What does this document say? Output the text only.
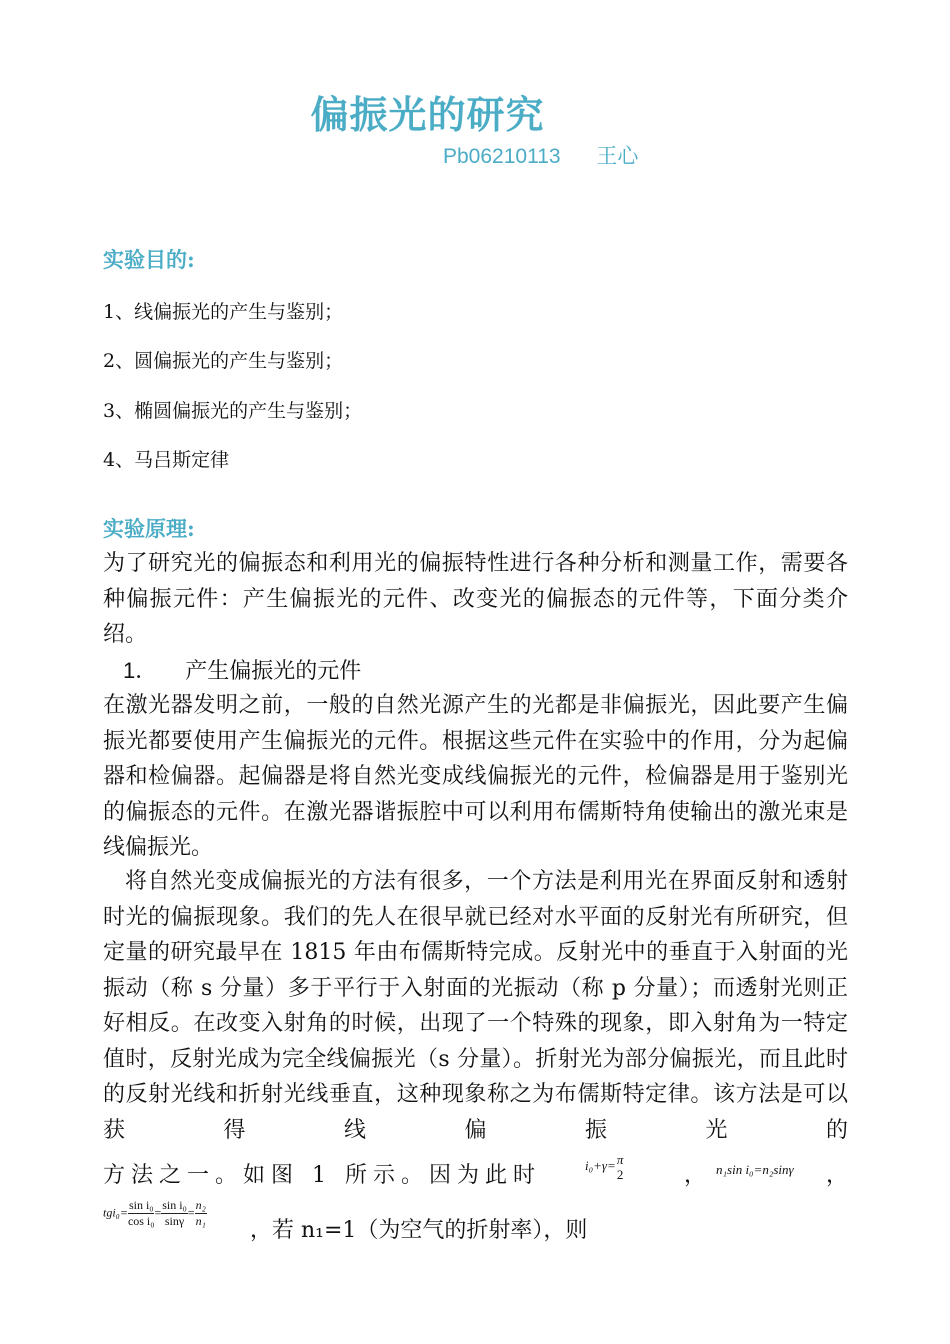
偏振光的研究
Pb06210113 王心
实验目的:
1、线偏振光的产生与鉴别；
2、圆偏振光的产生与鉴别；
3、椭圆偏振光的产生与鉴别；
4、马吕斯定律
实验原理:
为了研究光的偏振态和利用光的偏振特性进行各种分析和测量工作，需要各种偏振元件：产生偏振光的元件、改变光的偏振态的元件等，下面分类介绍。
1． 产生偏振光的元件
在激光器发明之前，一般的自然光源产生的光都是非偏振光，因此要产生偏振光都要使用产生偏振光的元件。根据这些元件在实验中的作用，分为起偏器和检偏器。起偏器是将自然光变成线偏振光的元件，检偏器是用于鉴别光的偏振态的元件。在激光器谐振腔中可以利用布儒斯特角使输出的激光束是线偏振光。
将自然光变成偏振光的方法有很多，一个方法是利用光在界面反射和透射时光的偏振现象。我们的先人在很早就已经对水平面的反射光有所研究，但定量的研究最早在 1815 年由布儒斯特完成。反射光中的垂直于入射面的光振动（称 s 分量）多于平行于入射面的光振动（称 p 分量）；而透射光则正好相反。在改变入射角的时候，出现了一个特殊的现象，即入射角为一特定值时，反射光成为完全线偏振光（s 分量）。折射光为部分偏振光，而且此时的反射光线和折射光线垂直，这种现象称之为布儒斯特定律。该方法是可以获得线偏振光的
方法之一。如图 1 所示。因为此时	i₀+γ= π
2	， n₁sin i₀=n₂sinγ ，
$tgi_0= \frac{\text{sin i₀}}{\text{cos i₀}} = \frac{\text{sin i₀}}{\sin\gamma} = \frac{\text{n₂}}{\text{n₁}}$
，若 n₁=1（为空气的折射率），则
